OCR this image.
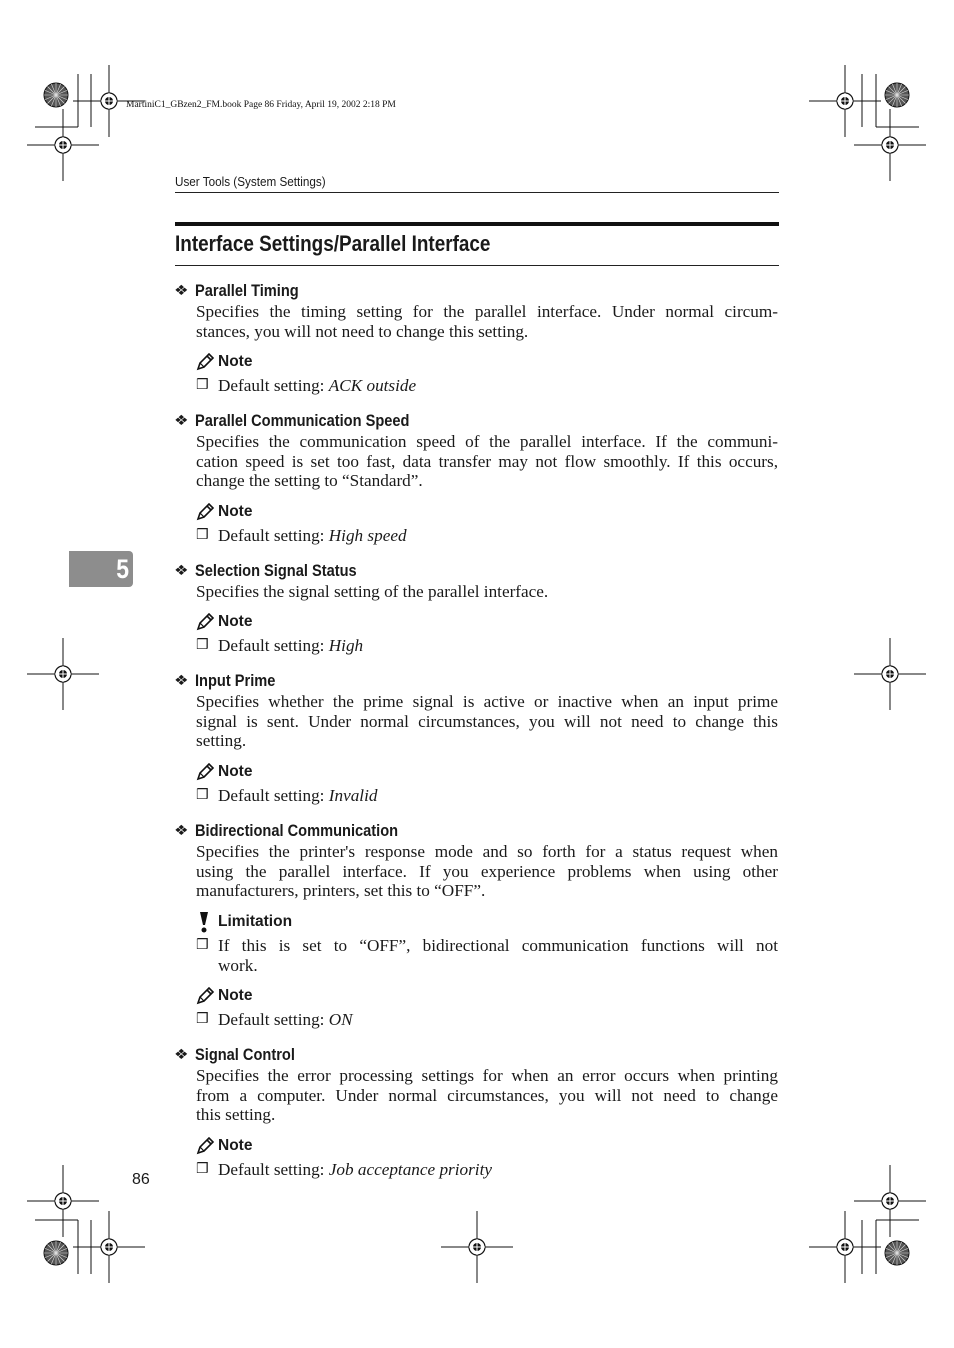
MartiniC1_GBzen2_FM.book Page 86 Friday, April 19, 2002 2:18 PM
User Tools (System Settings)
Interface Settings/Parallel Interface
5
❖ Parallel Timing
Specifies the timing setting for the parallel interface. Under normal circum-
stances, you will not need to change this setting.
Note
❒ Default setting: ACK outside
❖ Parallel Communication Speed
Specifies the communication speed of the parallel interface. If the communi-
cation speed is set too fast, data transfer may not flow smoothly. If this occurs,
change the setting to “Standard”.
Note
❒ Default setting: High speed
❖ Selection Signal Status
Specifies the signal setting of the parallel interface.
Note
❒ Default setting: High
❖ Input Prime
Specifies whether the prime signal is active or inactive when an input prime
signal is sent. Under normal circumstances, you will not need to change this
setting.
Note
❒ Default setting: Invalid
❖ Bidirectional Communication
Specifies the printer's response mode and so forth for a status request when
using the parallel interface. If you experience problems when using other
manufacturers, printers, set this to “OFF”.
Limitation
❒ If this is set to “OFF”, bidirectional communication functions will not
work.
Note
❒ Default setting: ON
❖ Signal Control
Specifies the error processing settings for when an error occurs when printing
from a computer. Under normal circumstances, you will not need to change
this setting.
Note
❒ Default setting: Job acceptance priority
86
